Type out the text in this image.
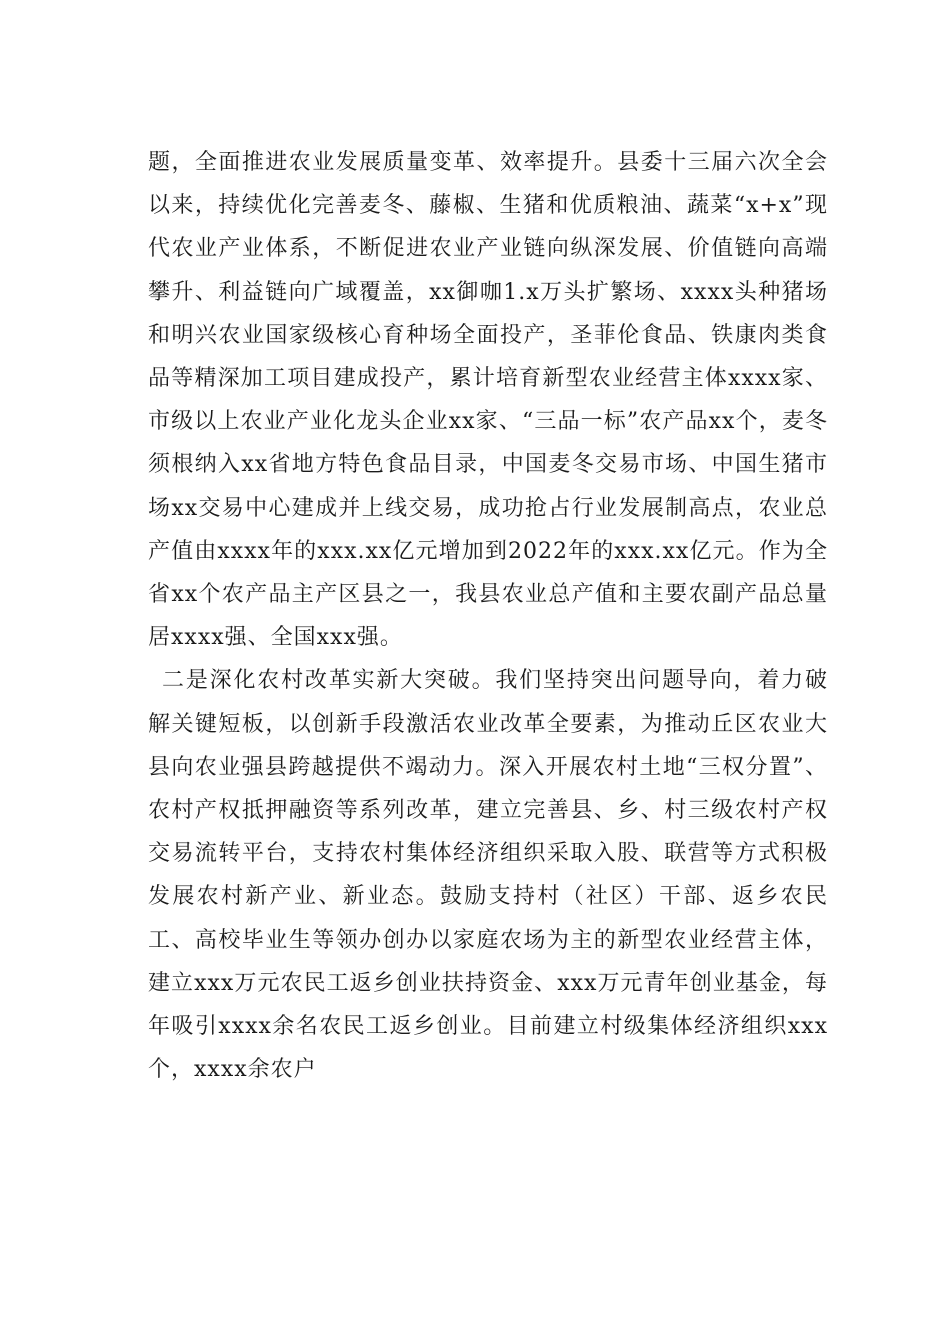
题，全面推进农业发展质量变革、效率提升。县委十三届六次全会以来，持续优化完善麦冬、藤椒、生猪和优质粮油、蔬菜“x+x”现代农业产业体系，不断促进农业产业链向纵深发展、价值链向高端攀升、利益链向广域覆盖，xx御咖1.x万头扩繁场、xxxx头种猪场和明兴农业国家级核心育种场全面投产，圣菲伦食品、铁康肉类食品等精深加工项目建成投产，累计培育新型农业经营主体xxxx家、市级以上农业产业化龙头企业xx家、“三品一标”农产品xx个，麦冬须根纳入xx省地方特色食品目录，中国麦冬交易市场、中国生猪市场xx交易中心建成并上线交易，成功抢占行业发展制高点，农业总产值由xxxx年的xxx.xx亿元增加到2022年的xxx.xx亿元。作为全省xx个农产品主产区县之一，我县农业总产值和主要农副产品总量居xxxx强、全国xxx强。

二是深化农村改革实新大突破。我们坚持突出问题导向，着力破解关键短板，以创新手段激活农业改革全要素，为推动丘区农业大县向农业强县跨越提供不竭动力。深入开展农村土地“三权分置”、农村产权抵押融资等系列改革，建立完善县、乡、村三级农村产权交易流转平台，支持农村集体经济组织采取入股、联营等方式积极发展农村新产业、新业态。鼓励支持村（社区）干部、返乡农民工、高校毕业生等领办创办以家庭农场为主的新型农业经营主体，建立xxx万元农民工返乡创业扶持资金、xxx万元青年创业基金，每年吸引xxxx余名农民工返乡创业。目前建立村级集体经济组织xxx个，xxxx余农户
